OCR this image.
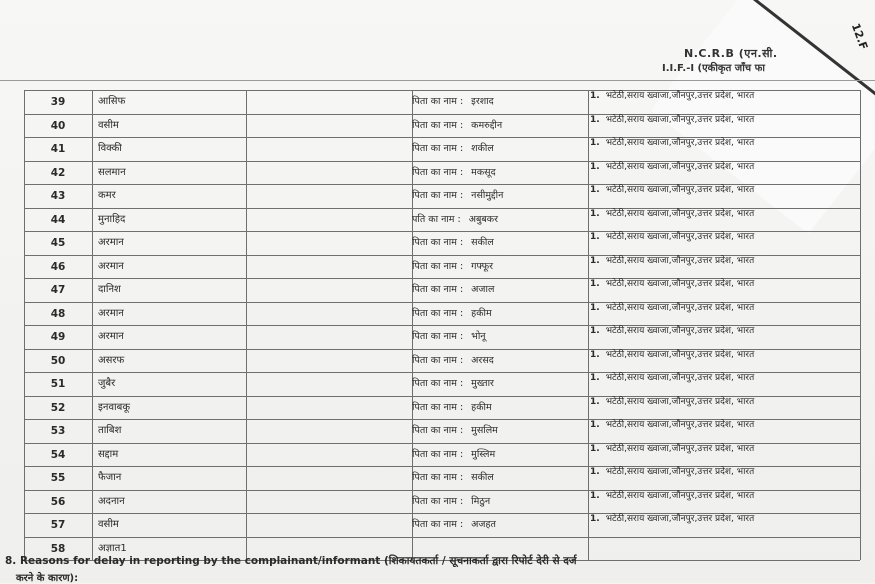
12.F
N.C.R.B (एन.सी.
I.I.F.-I (एकीकृत जाँच फा
39	आसिफ	पिता का नाम : इरशाद	1. भटेठी,सराय ख्वाजा,जौनपुर,उत्तर प्रदेश, भारत
40	वसीम	पिता का नाम : कमरुद्दीन	1. भटेठी,सराय ख्वाजा,जौनपुर,उत्तर प्रदेश, भारत
41	विक्की	पिता का नाम : शकील	1. भटेठी,सराय ख्वाजा,जौनपुर,उत्तर प्रदेश, भारत
42	सलमान	पिता का नाम : मकसूद	1. भटेठी,सराय ख्वाजा,जौनपुर,उत्तर प्रदेश, भारत
43	कमर	पिता का नाम : नसीमुद्दीन	1. भटेठी,सराय ख्वाजा,जौनपुर,उत्तर प्रदेश, भारत
44	मुनाहिद	पति का नाम : अबुबकर	1. भटेठी,सराय ख्वाजा,जौनपुर,उत्तर प्रदेश, भारत
45	अरमान	पिता का नाम : सकील	1. भटेठी,सराय ख्वाजा,जौनपुर,उत्तर प्रदेश, भारत
46	अरमान	पिता का नाम : गफ्फूर	1. भटेठी,सराय ख्वाजा,जौनपुर,उत्तर प्रदेश, भारत
47	दानिश	पिता का नाम : अजाल	1. भटेठी,सराय ख्वाजा,जौनपुर,उत्तर प्रदेश, भारत
48	अरमान	पिता का नाम : हकीम	1. भटेठी,सराय ख्वाजा,जौनपुर,उत्तर प्रदेश, भारत
49	अरमान	पिता का नाम : भोनू	1. भटेठी,सराय ख्वाजा,जौनपुर,उत्तर प्रदेश, भारत
50	असरफ	पिता का नाम : अरसद	1. भटेठी,सराय ख्वाजा,जौनपुर,उत्तर प्रदेश, भारत
51	जुबैर	पिता का नाम : मुख्तार	1. भटेठी,सराय ख्वाजा,जौनपुर,उत्तर प्रदेश, भारत
52	इनवाबकू	पिता का नाम : हकीम	1. भटेठी,सराय ख्वाजा,जौनपुर,उत्तर प्रदेश, भारत
53	ताबिश	पिता का नाम : मुसलिम	1. भटेठी,सराय ख्वाजा,जौनपुर,उत्तर प्रदेश, भारत
54	सद्दाम	पिता का नाम : मुस्लिम	1. भटेठी,सराय ख्वाजा,जौनपुर,उत्तर प्रदेश, भारत
55	फैजान	पिता का नाम : सकील	1. भटेठी,सराय ख्वाजा,जौनपुर,उत्तर प्रदेश, भारत
56	अदनान	पिता का नाम : मिठुन	1. भटेठी,सराय ख्वाजा,जौनपुर,उत्तर प्रदेश, भारत
57	वसीम	पिता का नाम : अजहत	1. भटेठी,सराय ख्वाजा,जौनपुर,उत्तर प्रदेश, भारत
58	अज्ञात1
8. Reasons for delay in reporting by the complainant/informant (शिकायतकर्ता / सूचनाकर्ता द्वारा रिपोर्ट देरी से दर्ज
करने के कारण):
